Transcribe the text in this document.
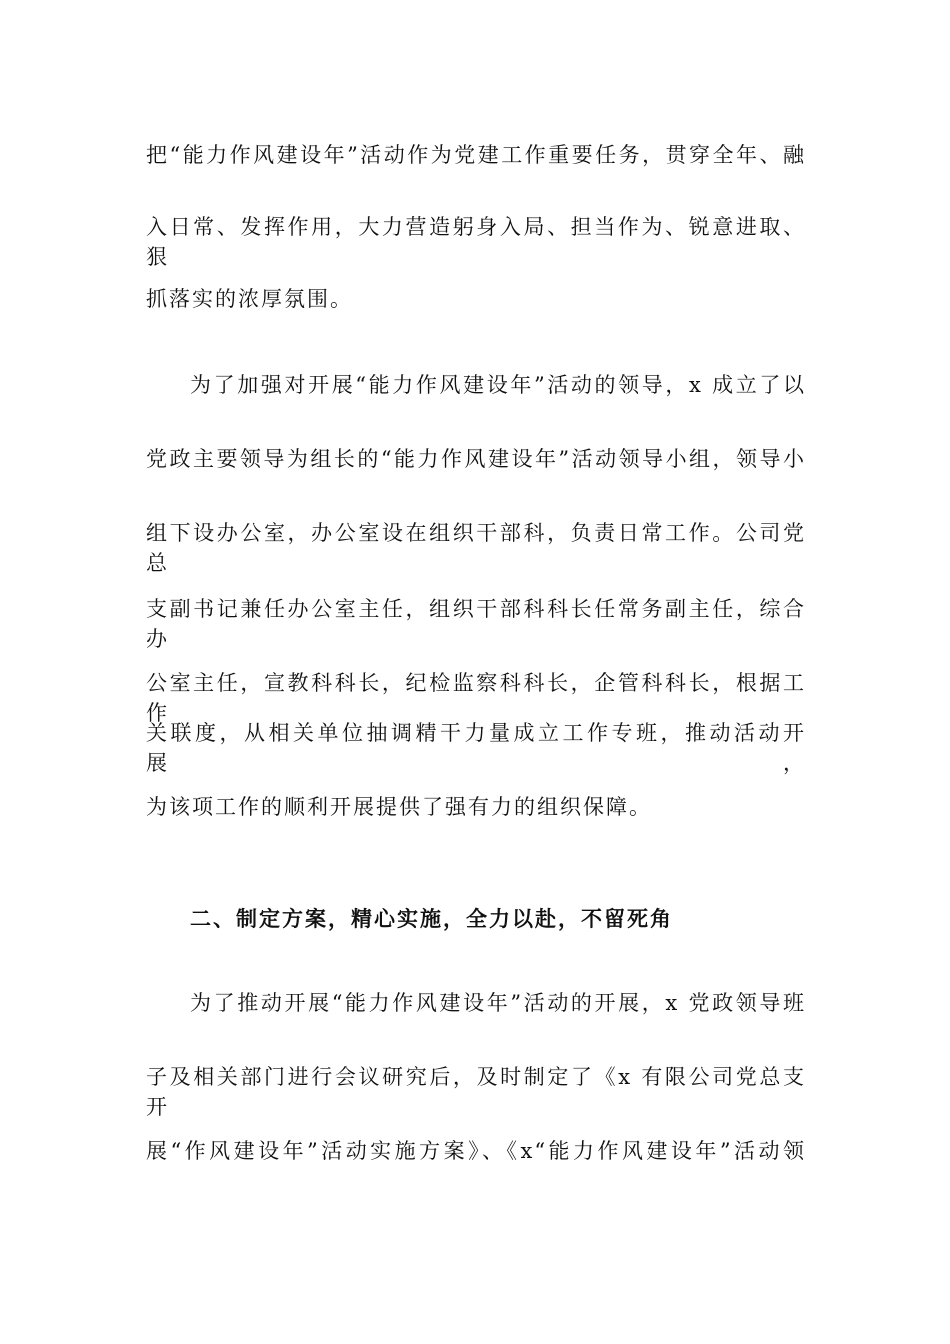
把“能力作风建设年”活动作为党建工作重要任务，贯穿全年、融
入日常、发挥作用，大力营造躬身入局、担当作为、锐意进取、狠
抓落实的浓厚氛围。
为了加强对开展“能力作风建设年”活动的领导，x 成立了以
党政主要领导为组长的“能力作风建设年”活动领导小组，领导小
组下设办公室，办公室设在组织干部科，负责日常工作。公司党总
支副书记兼任办公室主任，组织干部科科长任常务副主任，综合办
公室主任，宣教科科长，纪检监察科科长，企管科科长，根据工作
关联度，从相关单位抽调精干力量成立工作专班，推动活动开展，
为该项工作的顺利开展提供了强有力的组织保障。
二、制定方案，精心实施，全力以赴，不留死角
为了推动开展“能力作风建设年”活动的开展，x 党政领导班
子及相关部门进行会议研究后，及时制定了《x 有限公司党总支开
展“作风建设年”活动实施方案》、《x“能力作风建设年”活动领
